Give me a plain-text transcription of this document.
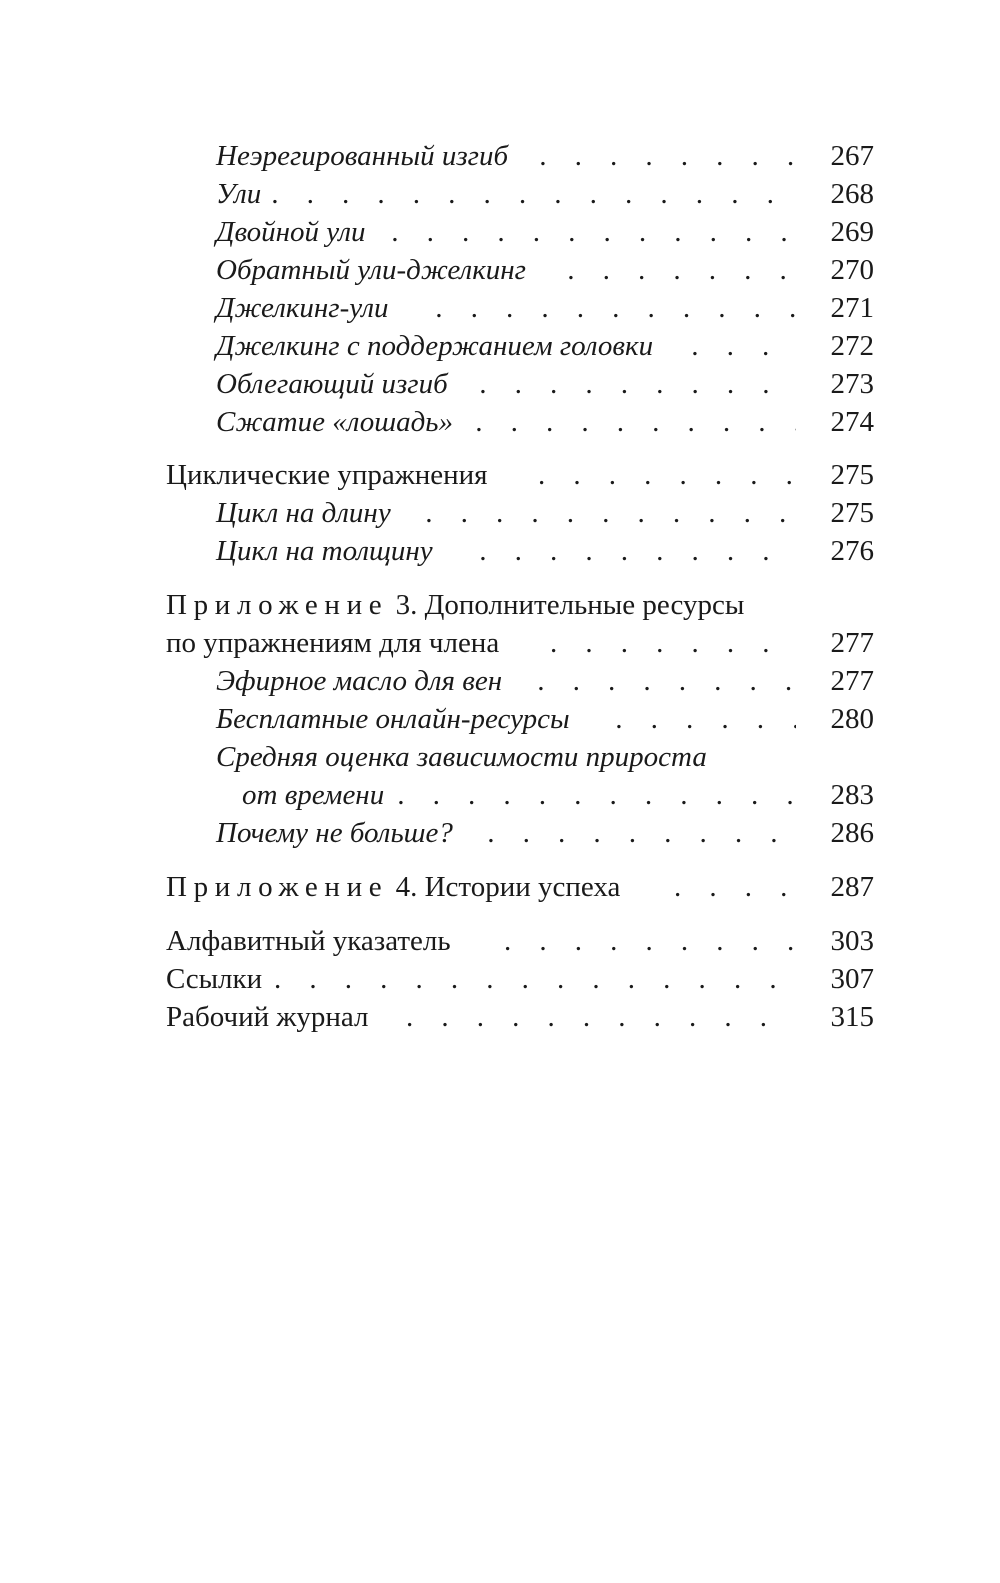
Неэрегированный изгиб . . .	267
Ули . . .	268
Двойной ули . . .	269
Обратный ули-джелкинг . . .	270
Джелкинг-ули . . .	271
Джелкинг с поддержанием головки . . .	272
Облегающий изгиб . . .	273
Сжатие «лошадь» . . .	274
Циклические упражнения . . .	275
Цикл на длину . . .	275
Цикл на толщину . . .	276
Приложение 3. Дополнительные ресурсы
по упражнениям для члена . . .	277
Эфирное масло для вен . . .	277
Бесплатные онлайн-ресурсы . . .	280
Средняя оценка зависимости прироста
от времени . . .	283
Почему не больше? . . .	286
Приложение 4. Истории успеха . . .	287
Алфавитный указатель . . .	303
Ссылки . . .	307
Рабочий журнал . . .	315
